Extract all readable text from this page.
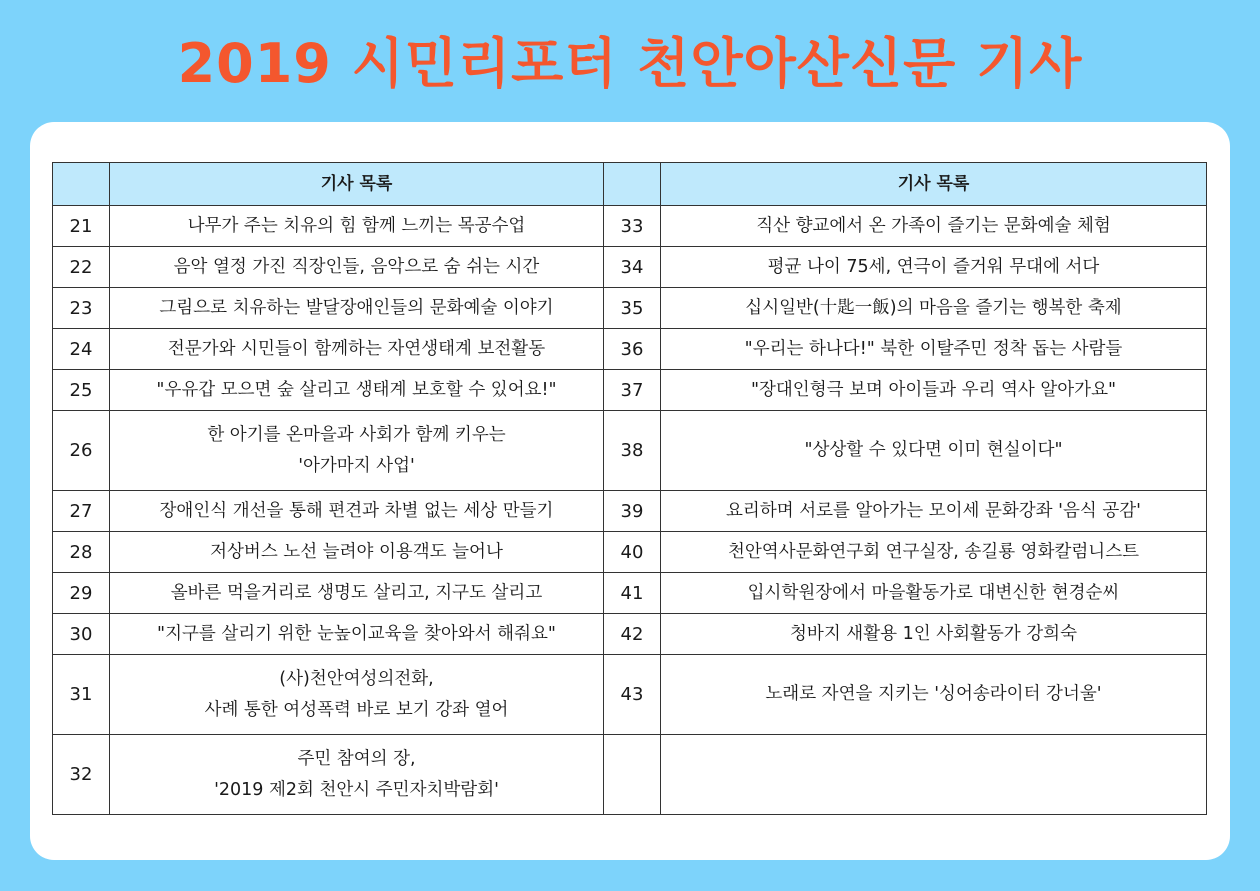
2019 시민리포터 천안아산신문 기사
	기사 목록		기사 목록
21	나무가 주는 치유의 힘 함께 느끼는 목공수업	33	직산 향교에서 온 가족이 즐기는 문화예술 체험
22	음악 열정 가진 직장인들, 음악으로 숨 쉬는 시간	34	평균 나이 75세, 연극이 즐거워 무대에 서다
23	그림으로 치유하는 발달장애인들의 문화예술 이야기	35	십시일반(十匙一飯)의 마음을 즐기는 행복한 축제
24	전문가와 시민들이 함께하는 자연생태계 보전활동	36	"우리는 하나다!" 북한 이탈주민 정착 돕는 사람들
25	"우유갑 모으면 숲 살리고 생태계 보호할 수 있어요!"	37	"장대인형극 보며 아이들과 우리 역사 알아가요"
26	한 아기를 온마을과 사회가 함께 키우는
'아가마지 사업'	38	"상상할 수 있다면 이미 현실이다"
27	장애인식 개선을 통해 편견과 차별 없는 세상 만들기	39	요리하며 서로를 알아가는 모이세 문화강좌 '음식 공감'
28	저상버스 노선 늘려야 이용객도 늘어나	40	천안역사문화연구회 연구실장, 송길룡 영화칼럼니스트
29	올바른 먹을거리로 생명도 살리고, 지구도 살리고	41	입시학원장에서 마을활동가로 대변신한 현경순씨
30	"지구를 살리기 위한 눈높이교육을 찾아와서 해줘요"	42	청바지 새활용 1인 사회활동가 강희숙
31	(사)천안여성의전화,
사례 통한 여성폭력 바로 보기 강좌 열어	43	노래로 자연을 지키는 '싱어송라이터 강너울'
32	주민 참여의 장,
'2019 제2회 천안시 주민자치박람회'		
